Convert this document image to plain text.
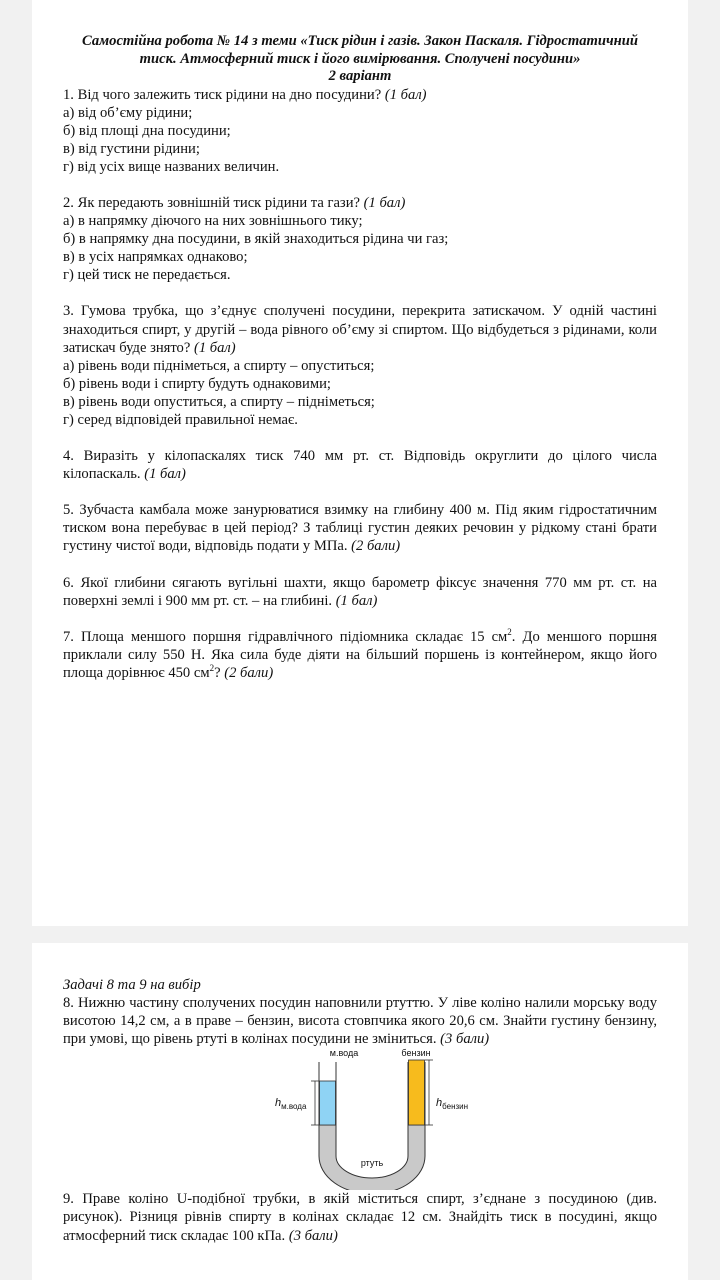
Самостійна робота № 14 з теми «Тиск рідин і газів. Закон Паскаля. Гідростатичний
тиск. Атмосферний тиск і його вимірювання. Сполучені посудини»
2 варіант

1. Від чого залежить тиск рідини на дно посудини? (1 бал)

а) від об’єму рідини;
б) від площі дна посудини;
в) від густини рідини;
г) від усіх вище названих величин.

2. Як передають зовнішній тиск рідини та гази? (1 бал)

а) в напрямку діючого на них зовнішнього тику;
б) в напрямку дна посудини, в якій знаходиться рідина чи газ;
в) в усіх напрямках однаково;
г) цей тиск не передається.

3. Гумова трубка, що з’єднує сполучені посудини, перекрита затискачом. У одній частині знаходиться спирт, у другій – вода рівного об’єму зі спиртом. Що відбудеться з рідинами, коли затискач буде знято? (1 бал)

а) рівень води підніметься, а спирту – опуститься;
б) рівень води і спирту будуть однаковими;
в) рівень води опуститься, а спирту – підніметься;
г) серед відповідей правильної немає.

4. Виразіть у кілопаскалях тиск 740 мм рт. ст. Відповідь округлити до цілого числа кілопаскаль. (1 бал)

5. Зубчаста камбала може занурюватися взимку на глибину 400 м. Під яким гідростатичним тиском вона перебуває в цей період? З таблиці густин деяких речовин у рідкому стані брати густину чистої води, відповідь подати у МПа. (2 бали)

6. Якої глибини сягають вугільні шахти, якщо барометр фіксує значення 770 мм рт. ст. на поверхні землі і 900 мм рт. ст. – на глибині. (1 бал)

7. Площа меншого поршня гідравлічного підіомника складає 15 $см^2$. До меншого поршня приклали силу 550 Н. Яка сила буде діяти на більший поршень із контейнером, якщо його площа дорівнює 450 $см^2$? (2 бали)

Задачі 8 та 9 на вибір

8. Нижню частину сполучених посудин наповнили ртуттю. У ліве коліно налили морську воду висотою 14,2 см, а в праве – бензин, висота стовпчика якого 20,6 см. Знайти густину бензину, при умові, що рівень ртуті в колінах посудини не зміниться. (3 бали)

м.вода	бензин
$h_{м.вода}$	$h_{бензин}$
ртуть

9. Праве коліно U-подібної трубки, в якій міститься спирт, з’єднане з посудиною (див. рисунок). Різниця рівнів спирту в колінах складає 12 см. Знайдіть тиск в посудині, якщо атмосферний тиск складає 100 кПа. (3 бали)
